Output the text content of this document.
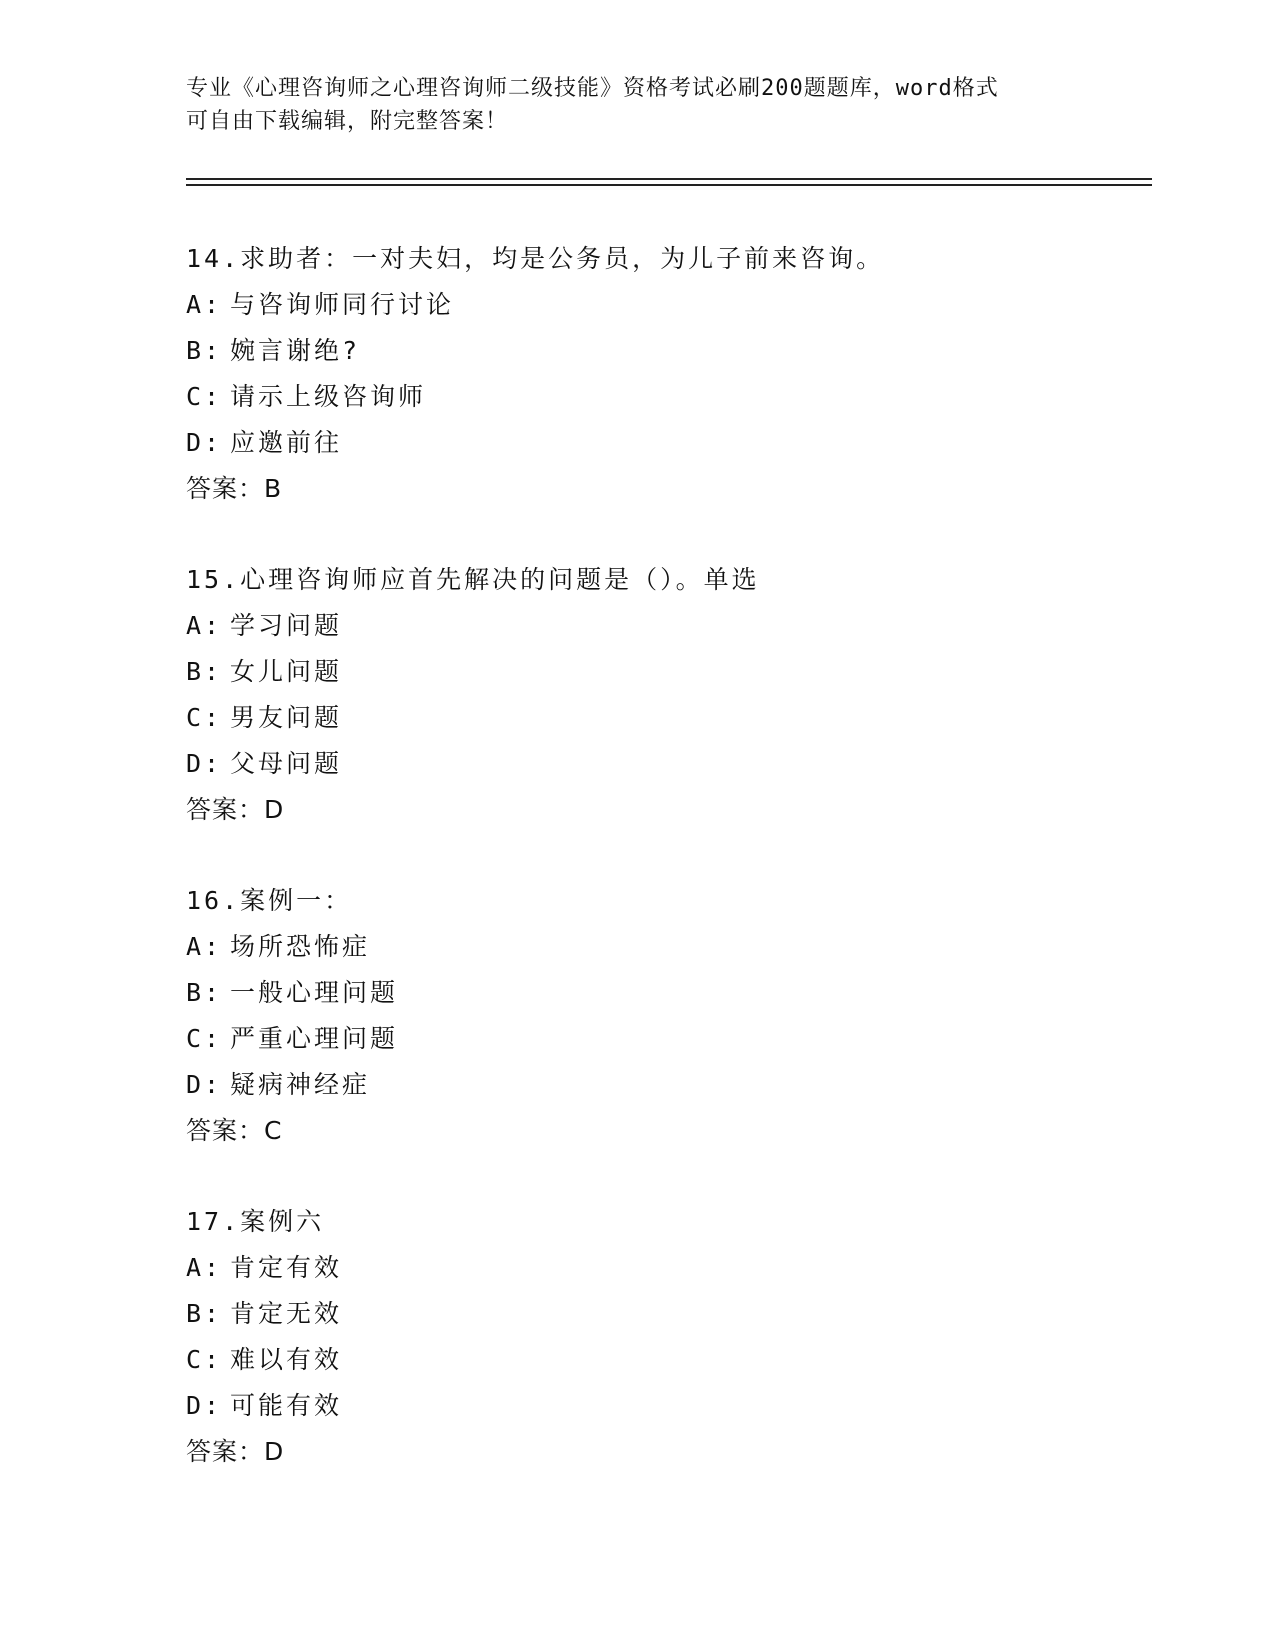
专业《心理咨询师之心理咨询师二级技能》资格考试必刷200题题库，word格式
可自由下载编辑，附完整答案！
14.求助者：一对夫妇，均是公务员，为儿子前来咨询。
A: 与咨询师同行讨论
B: 婉言谢绝?
C: 请示上级咨询师
D: 应邀前往
答案：B
15.心理咨询师应首先解决的问题是（）。单选
A: 学习问题
B: 女儿问题
C: 男友问题
D: 父母问题
答案：D
16.案例一：
A: 场所恐怖症
B: 一般心理问题
C: 严重心理问题
D: 疑病神经症
答案：C
17.案例六
A: 肯定有效
B: 肯定无效
C: 难以有效
D: 可能有效
答案：D
